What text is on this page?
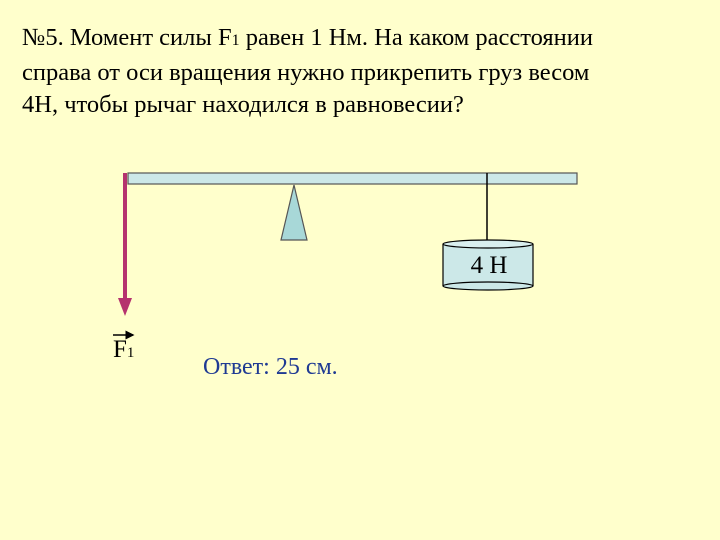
№5. Момент силы F1 равен 1 Нм. На каком расстоянии
справа от оси вращения нужно прикрепить груз весом
4Н, чтобы рычаг находился в равновесии?

4 Н
F1
Ответ: 25 см.
